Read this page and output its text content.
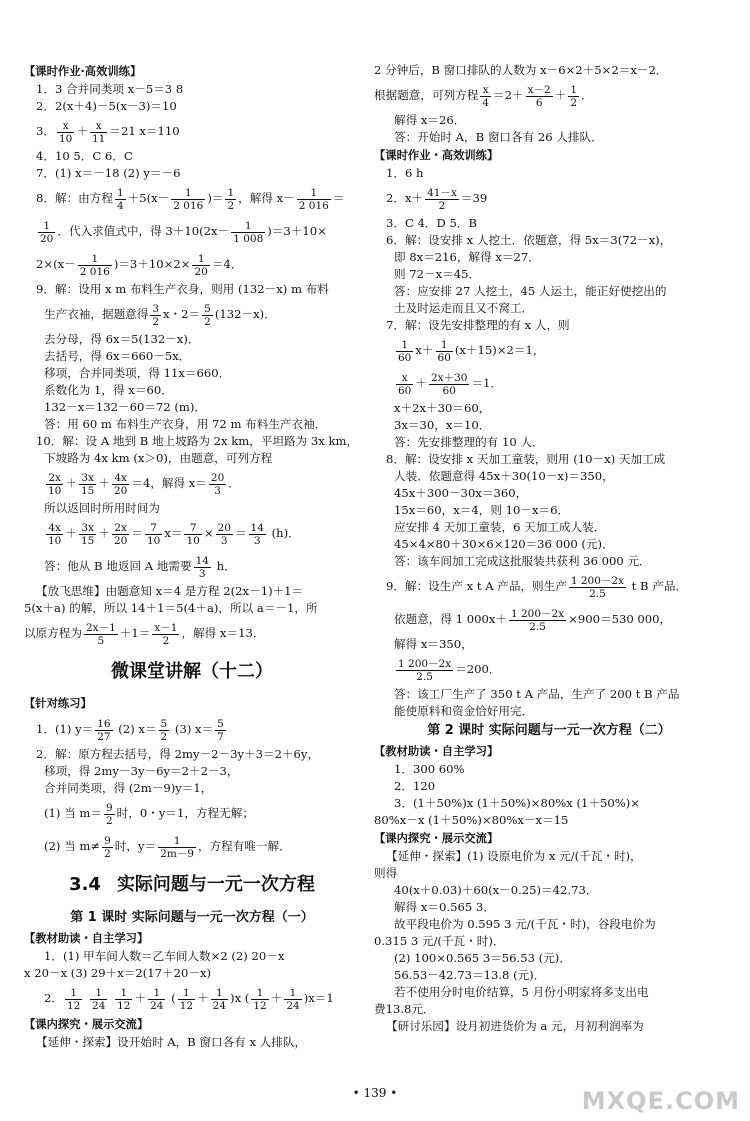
【课时作业·高效训练】
1．3 合并同类项 x－5＝3 8
2．2(x＋4)－5(x－3)＝10
3． $\frac{x}{10} + \frac{x}{11} =21$ x＝110
4．10 5．C 6．C
7．(1) x＝－18 (2) y＝－6
8．解：由方程 $\frac{1}{4} +5(x- \frac{1}{2 016}$ )＝ $\frac{1}{2}$ ，解得 $x- \frac{1}{2 016}$ ＝
$\frac{1}{20}$ ．代入求值式中，得 $3+10(2x- \frac{1}{1 008} )=3+10\times$
$2\times(x- \frac{1}{2 016} )=3+10\times 2\times \frac{1}{20} =4$．
9．解：设用 x m 布料生产衣身，则用 (132－x) m 布料
生产衣袖，据题意得 $\frac{3}{2}$ x・$2= \frac{5}{2} (132-x)$．
去分母，得 6x＝5(132－x)．
去括号，得 6x＝660－5x．
移项，合并同类项，得 11x＝660．
系数化为 1，得 x＝60．
132－x＝132－60＝72 (m)．
答：用 60 m 布料生产衣身，用 72 m 布料生产衣袖．
10．解：设 A 地到 B 地上坡路为 2x km，平坦路为 3x km，
下坡路为 4x km (x＞0)，由题意，可列方程
$\frac{2x}{10} + \frac{3x}{15} + \frac{4x}{20} =4$，解得 $x= \frac{20}{3}$ ．
所以返回时所用时间为
$\frac{4x}{10} + \frac{3x}{15} + \frac{2x}{20} = \frac{7}{10} x= \frac{7}{10} \times \frac{20}{3} = \frac{14}{3} (h)$．
答：他从 B 地返回 A 地需要 $\frac{14}{3}$ h．
【放飞思维】由题意知 x＝4 是方程 2(2x－1)＋1＝
5(x＋a) 的解，所以 14＋1＝5(4＋a)，所以 a＝－1，所
以原方程为 $\frac{2x-1}{5} +1= \frac{x-1}{2}$ ，解得 x＝13．
微课堂讲解（十二）
【针对练习】
1．(1) $y= \frac{16}{27} (2)$ $x= \frac{5}{2} (3)$ $x= \frac{5}{7}$
2．解：原方程去括号，得 2my－2－3y＋3＝2＋6y，
移项，得 2my－3y－6y＝2＋2－3，
合并同类项，得 (2m－9)y＝1，
(1) 当 $m= \frac{9}{2}$ 时，0・y＝1，方程无解；
(2) 当 $m\ne \frac{9}{2}$ 时，$y= \frac{1}{2m-9}$ ，方程有唯一解．
3.4 实际问题与一元一次方程
第 1 课时 实际问题与一元一次方程（一）
【教材助读・自主学习】
1．(1) 甲车间人数＝乙车间人数×2 (2) 20－x
x 20－x (3) 29＋x＝2(17＋20－x)
2． $\frac{1}{12}$
$\frac{1}{24}$
$\frac{1}{12} + \frac{1}{24}$ ( $\frac{1}{12} + \frac{1}{24} )x$ ( $\frac{1}{12} + \frac{1}{24} )x=1$
【课内探究・展示交流】
【延伸・探索】设开始时 A，B 窗口各有 x 人排队，
2 分钟后，B 窗口排队的人数为 x－6×2＋5×2＝x－2．
根据题意，可列方程 $\frac{x}{4} =2+ \frac{x-2}{6} + \frac{1}{2}$ ．
解得 x＝26．
答：开始时 A，B 窗口各有 26 人排队．
【课时作业・高效训练】
1．6 h
2．$x+ \frac{41-x}{2} =39$
3．C 4．D 5．B
6．解：设安排 x 人挖土．依题意，得 5x＝3(72－x)，
即 8x＝216，解得 x＝27．
则 72－x＝45．
答：应安排 27 人挖土，45 人运土，能正好使挖出的
土及时运走而且又不窝工．
7．解：设先安排整理的有 x 人，则
$\frac{1}{60} x+ \frac{1}{60} (x+15)\times 2=1$，
$\frac{x}{60} + \frac{2x+30}{60} =1$．
x＋2x＋30＝60，
3x＝30，x＝10．
答：先安排整理的有 10 人．
8．解：设安排 x 天加工童装，则用 (10－x) 天加工成
人装．依题意得 45x＋30(10－x)＝350，
45x＋300－30x＝360，
15x＝60，x＝4，则 10－x＝6．
应安排 4 天加工童装，6 天加工成人装．
45×4×80＋30×6×120＝36 000 (元)．
答：该车间加工完成这批服装共获利 36 000 元．
9．解：设生产 x t A 产品，则生产 $\frac{1 200-2x}{2.5}$ t B 产品．
依题意，得 1 $000x+ \frac{1 200-2x}{2.5} \times 900=530$ 000，
解得 x＝350，
$\frac{1 200-2x}{2.5} =200$．
答：该工厂生产了 350 t A 产品，生产了 200 t B 产品
能使原料和资金恰好用完．
第 2 课时 实际问题与一元一次方程（二）
【教材助读・自主学习】
1．300 60%
2．120
3．(1＋50%)x (1＋50%)×80%x (1＋50%)×
80%x－x (1＋50%)×80%x－x＝15
【课内探究・展示交流】
【延伸・探索】(1) 设原电价为 x 元/(千瓦・时)，
则得
40(x＋0.03)＋60(x－0.25)＝42.73．
解得 x＝0.565 3．
故平段电价为 0.595 3 元/(千瓦・时)，谷段电价为
0.315 3 元/(千瓦・时)．
(2) 100×0.565 3＝56.53 (元)．
56.53－42.73＝13.8 (元)．
若不使用分时电价结算，5 月份小明家将多支出电
费13.8元．
【研讨乐园】设月初进货价为 a 元，月初利润率为
• 139 •	MXQE.COM
